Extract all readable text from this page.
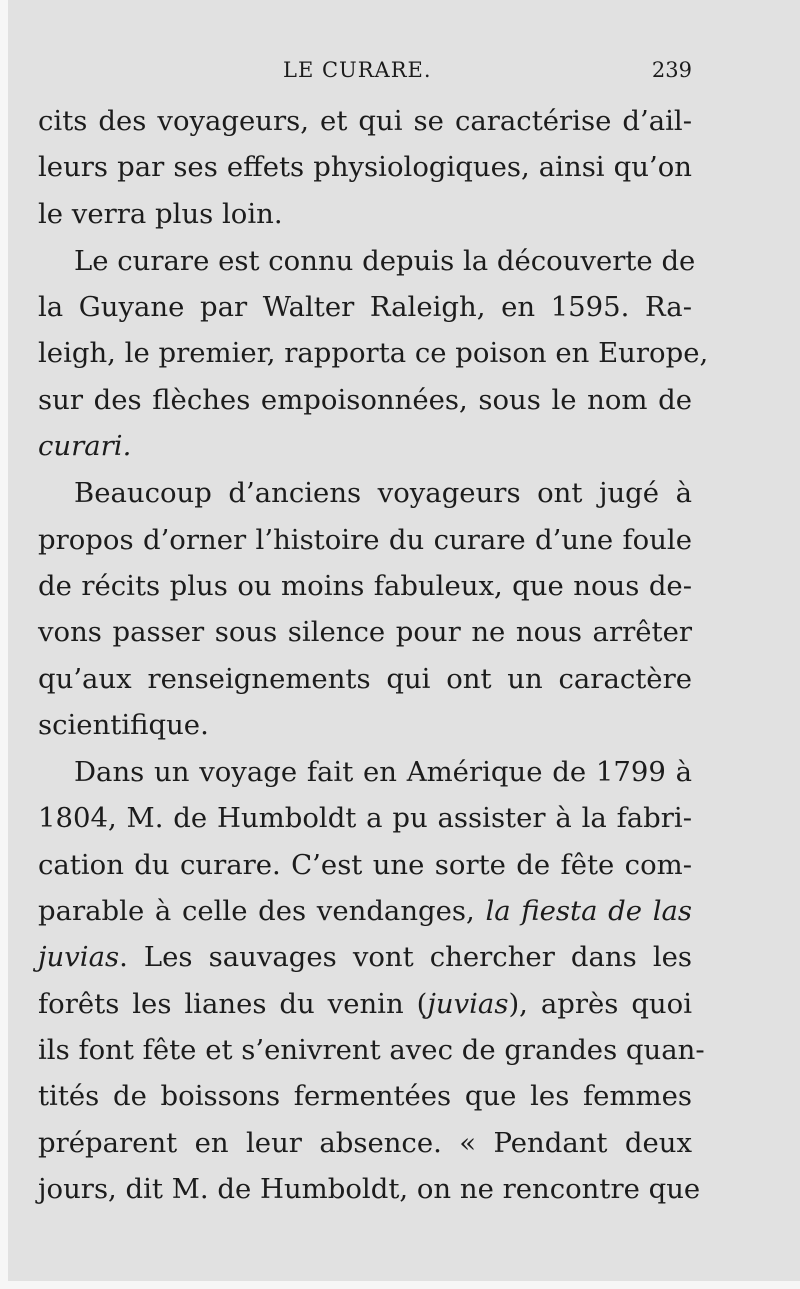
LE CURARE.	239
cits des voyageurs, et qui se caractérise d’ail-
leurs par ses effets physiologiques, ainsi qu’on
le verra plus loin.
Le curare est connu depuis la découverte de
la Guyane par Walter Raleigh, en 1595. Ra-
leigh, le premier, rapporta ce poison en Europe,
sur des flèches empoisonnées, sous le nom de
curari.
Beaucoup d’anciens voyageurs ont jugé à
propos d’orner l’histoire du curare d’une foule
de récits plus ou moins fabuleux, que nous de-
vons passer sous silence pour ne nous arrêter
qu’aux renseignements qui ont un caractère
scientifique.
Dans un voyage fait en Amérique de 1799 à
1804, M. de Humboldt a pu assister à la fabri-
cation du curare. C’est une sorte de fête com-
parable à celle des vendanges, la fiesta de las
juvias. Les sauvages vont chercher dans les
forêts les lianes du venin (juvias), après quoi
ils font fête et s’enivrent avec de grandes quan-
tités de boissons fermentées que les femmes
préparent en leur absence. « Pendant deux
jours, dit M. de Humboldt, on ne rencontre que
